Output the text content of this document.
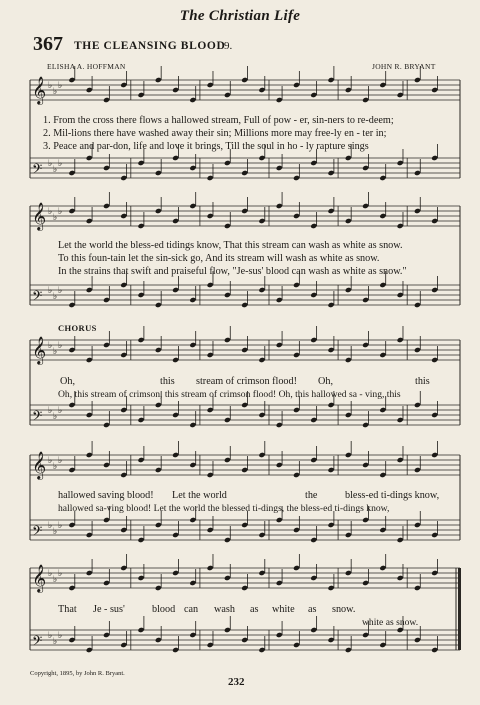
The Christian Life
367 THE CLEANSING BLOOD
9.
ELISHA A. HOFFMAN	JOHN R. BRYANT
𝄞 ♭
♭
♭
𝄢 ♭
♭
♭
𝄞 ♭
♭
♭
𝄢 ♭
♭
♭
𝄞 ♭
♭
♭
𝄢 ♭
♭
♭
𝄞 ♭
♭
♭
𝄢 ♭
♭
♭
𝄞 ♭
♭
♭
𝄢 ♭
♭
♭
1. From the cross there flows a hallowed stream, Full of pow - er, sin-ners to re-deem;
2. Mil-lions there have washed away their sin; Millions more may free-ly en - ter in;
3. Peace and par-don, life and love it brings, Till the soul in ho - ly rapture sings
Let the world the bless-ed tidings know, That this stream can wash as white as snow.
To this foun-tain let the sin-sick go, And its stream will wash as white as snow.
In the strains that swift and praiseful flow, "Je-sus' blood can wash as white as snow."
CHORUS
Oh,	this stream of crimson flood! Oh,	this
Oh, this stream of crimson, this stream of crimson flood! Oh, this hallowed sa - ving, this
hallowed saving blood! Let the world	the	bless-ed ti-dings know,
hallowed sa-ving blood! Let the world the blessed ti-dings, the bless-ed ti-dings know,
That Je - sus'	blood can wash as white as snow.
white as snow.
Copyright, 1895, by John R. Bryant.
232
